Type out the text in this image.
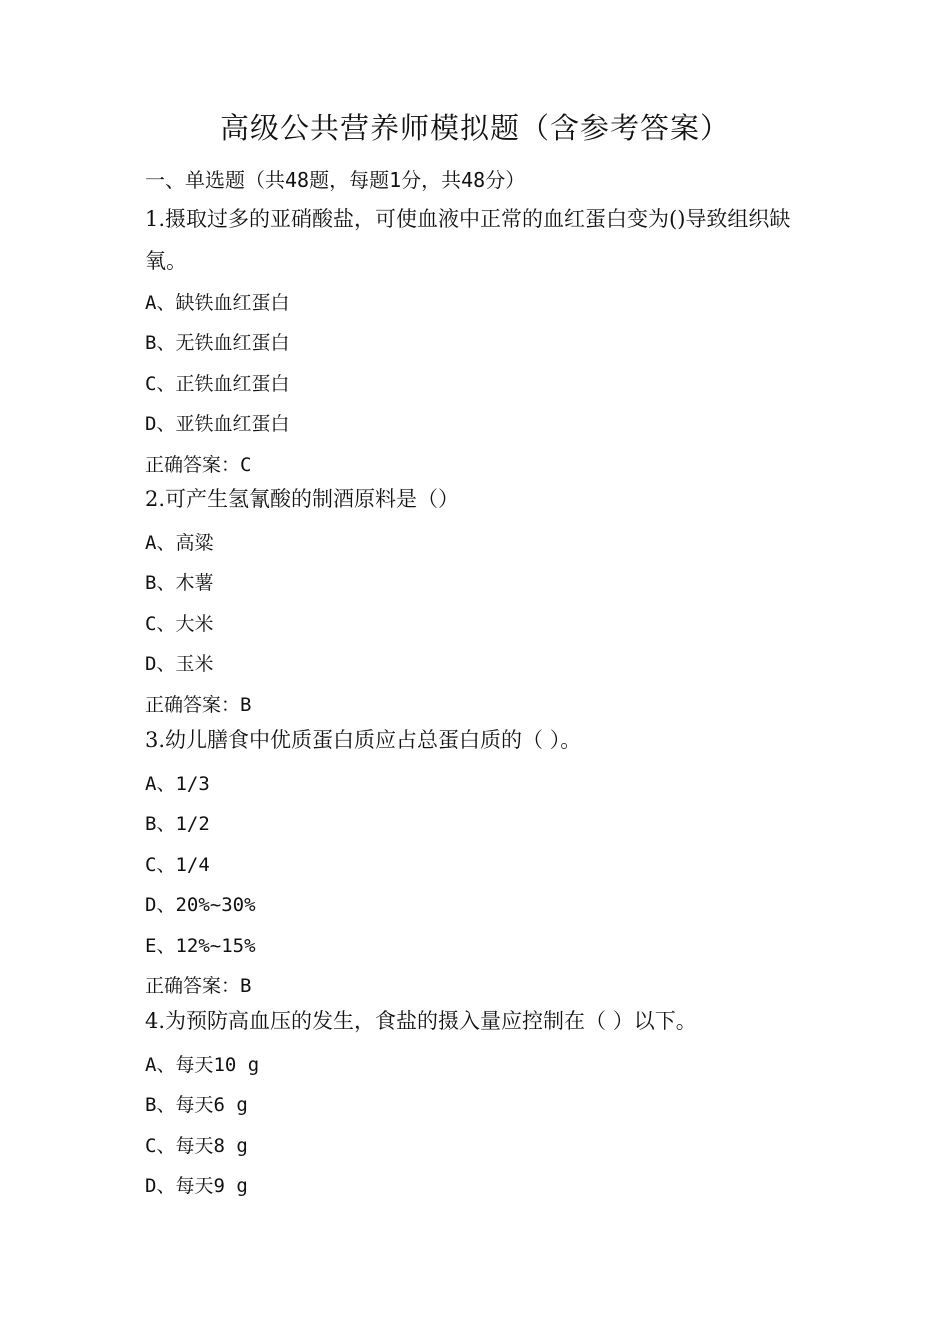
高级公共营养师模拟题（含参考答案）
一、单选题（共48题，每题1分，共48分）
1.摄取过多的亚硝酸盐，可使血液中正常的血红蛋白变为()导致组织缺氧。
A、缺铁血红蛋白
B、无铁血红蛋白
C、正铁血红蛋白
D、亚铁血红蛋白
正确答案：C
2.可产生氢氰酸的制酒原料是（）
A、高粱
B、木薯
C、大米
D、玉米
正确答案：B
3.幼儿膳食中优质蛋白质应占总蛋白质的（ ）。
A、1/3
B、1/2
C、1/4
D、20%~30%
E、12%~15%
正确答案：B
4.为预防高血压的发生，食盐的摄入量应控制在（ ）以下。
A、每天10 g
B、每天6 g
C、每天8 g
D、每天9 g
